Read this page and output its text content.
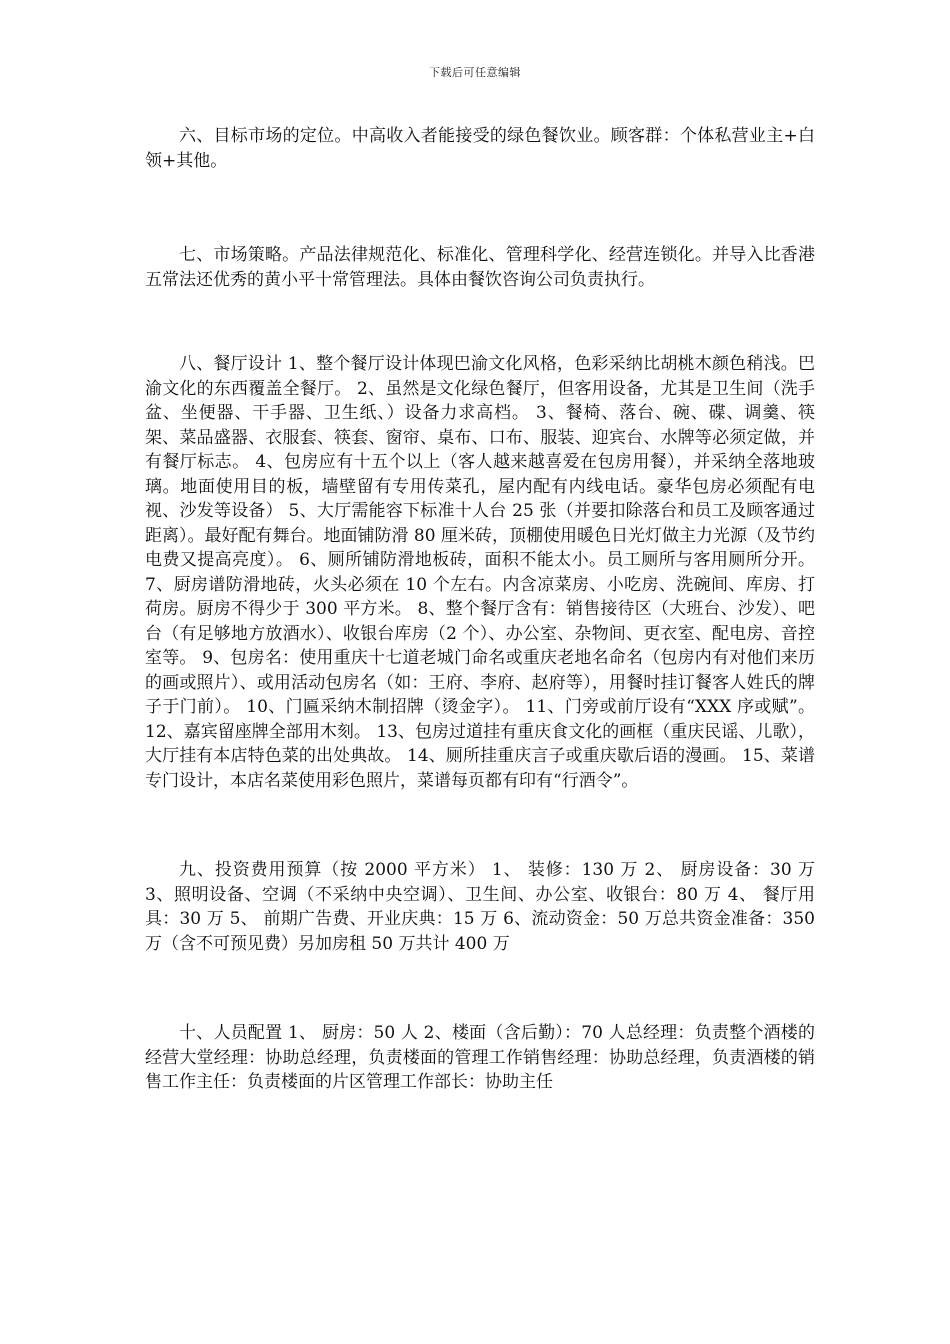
下载后可任意编辑

六、目标市场的定位。中高收入者能接受的绿色餐饮业。顾客群：个体私营业主+白领+其他。

七、市场策略。产品法律规范化、标准化、管理科学化、经营连锁化。并导入比香港五常法还优秀的黄小平十常管理法。具体由餐饮咨询公司负责执行。

八、餐厅设计 1、整个餐厅设计体现巴渝文化风格，色彩采纳比胡桃木颜色稍浅。巴渝文化的东西覆盖全餐厅。 2、虽然是文化绿色餐厅，但客用设备，尤其是卫生间（洗手盆、坐便器、干手器、卫生纸、）设备力求高档。 3、餐椅、落台、碗、碟、调羹、筷架、菜品盛器、衣服套、筷套、窗帘、桌布、口布、服装、迎宾台、水牌等必须定做，并有餐厅标志。 4、包房应有十五个以上（客人越来越喜爱在包房用餐），并采纳全落地玻璃。地面使用目的板，墙壁留有专用传菜孔，屋内配有内线电话。豪华包房必须配有电视、沙发等设备） 5、大厅需能容下标准十人台 25 张（并要扣除落台和员工及顾客通过距离）。最好配有舞台。地面铺防滑 80 厘米砖，顶棚使用暖色日光灯做主力光源（及节约电费又提高亮度）。 6、厕所铺防滑地板砖，面积不能太小。员工厕所与客用厕所分开。 7、厨房谱防滑地砖，火头必须在 10 个左右。内含凉菜房、小吃房、洗碗间、库房、打荷房。厨房不得少于 300 平方米。 8、整个餐厅含有：销售接待区（大班台、沙发）、吧台（有足够地方放酒水）、收银台库房（2 个）、办公室、杂物间、更衣室、配电房、音控室等。 9、包房名：使用重庆十七道老城门命名或重庆老地名命名（包房内有对他们来历的画或照片）、或用活动包房名（如：王府、李府、赵府等），用餐时挂订餐客人姓氏的牌子于门前）。 10、门匾采纳木制招牌（烫金字）。 11、门旁或前厅设有“XXX 序或赋”。 12、嘉宾留座牌全部用木刻。 13、包房过道挂有重庆食文化的画框（重庆民谣、儿歌），大厅挂有本店特色菜的出处典故。 14、厕所挂重庆言子或重庆歇后语的漫画。 15、菜谱专门设计，本店名菜使用彩色照片，菜谱每页都有印有“行酒令”。

九、投资费用预算（按 2000 平方米） 1、 装修：130 万 2、 厨房设备：30 万 3、照明设备、空调（不采纳中央空调）、卫生间、办公室、收银台：80 万 4、 餐厅用具：30 万 5、 前期广告费、开业庆典：15 万 6、流动资金：50 万总共资金准备：350 万（含不可预见费）另加房租 50 万共计 400 万

十、人员配置 1、 厨房：50 人 2、楼面（含后勤）：70 人总经理：负责整个酒楼的经营大堂经理：协助总经理，负责楼面的管理工作销售经理：协助总经理，负责酒楼的销售工作主任：负责楼面的片区管理工作部长：协助主任
